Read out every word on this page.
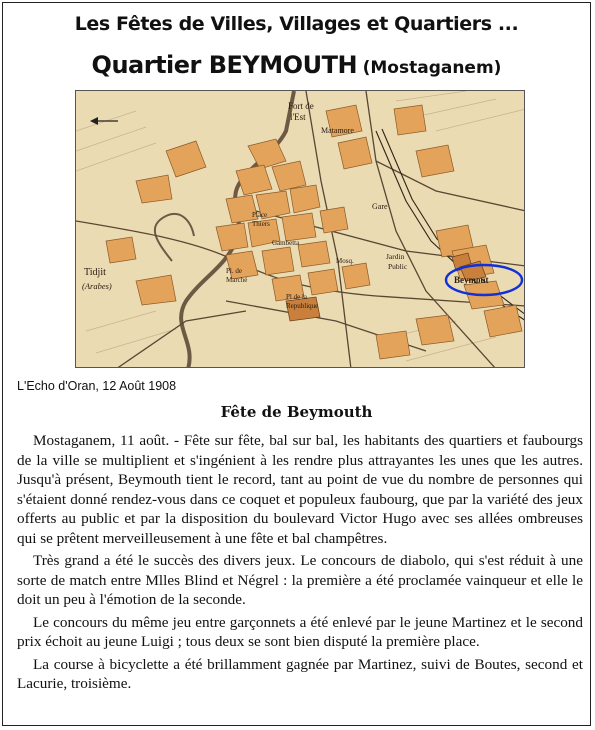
Les Fêtes de Villes, Villages et Quartiers ...
Quartier BEYMOUTH (Mostaganem)
Fort de
l'Est
Matamore
Gare
Jardin
Public
Beymout
Tidjit
(Arabes)
Pl de la
Republique
Mosq.
Gambetta
Pl. de
Marché
Place
Thiers
L'Echo d'Oran, 12 Août 1908
Fête de Beymouth

Mostaganem, 11 août. - Fête sur fête, bal sur bal, les habitants des quartiers et faubourgs de la ville se multiplient et s'ingénient à les rendre plus attrayantes les unes que les autres. Jusqu'à présent, Beymouth tient le record, tant au point de vue du nombre de personnes qui s'étaient donné rendez-vous dans ce coquet et populeux faubourg, que par la variété des jeux offerts au public et par la disposition du boulevard Victor Hugo avec ses allées ombreuses qui se prêtent merveilleusement à une fête et bal champêtres.

Très grand a été le succès des divers jeux. Le concours de diabolo, qui s'est réduit à une sorte de match entre Mlles Blind et Négrel : la première a été proclamée vainqueur et elle le doit un peu à l'émotion de la seconde.

Le concours du même jeu entre garçonnets a été enlevé par le jeune Martinez et le second prix échoit au jeune Luigi ; tous deux se sont bien disputé la première place.

La course à bicyclette a été brillamment gagnée par Martinez, suivi de Boutes, second et Lacurie, troisième.
